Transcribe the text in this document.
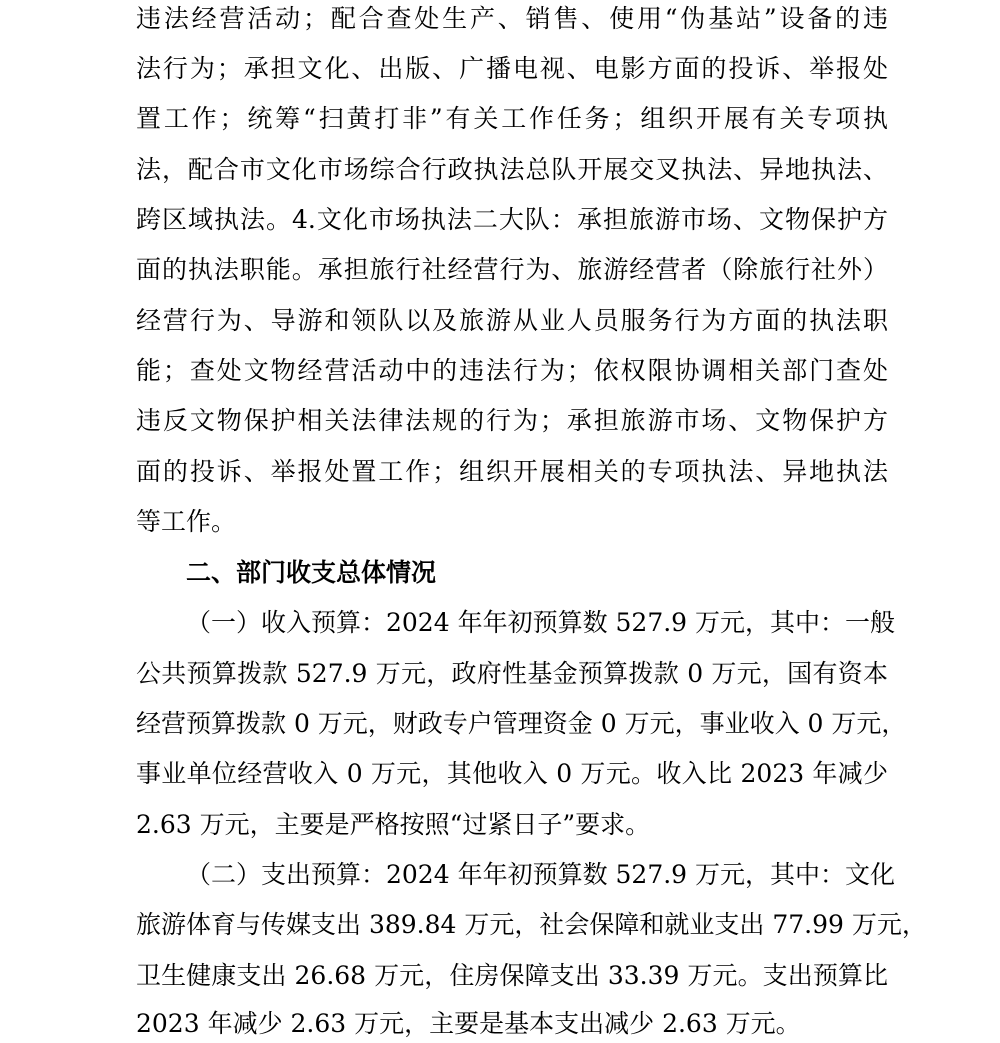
违法经营活动；配合查处生产、销售、使用“伪基站”设备的违
法行为；承担文化、出版、广播电视、电影方面的投诉、举报处
置工作；统筹“扫黄打非”有关工作任务；组织开展有关专项执
法，配合市文化市场综合行政执法总队开展交叉执法、异地执法、
跨区域执法。4.文化市场执法二大队：承担旅游市场、文物保护方
面的执法职能。承担旅行社经营行为、旅游经营者（除旅行社外）
经营行为、导游和领队以及旅游从业人员服务行为方面的执法职
能；查处文物经营活动中的违法行为；依权限协调相关部门查处
违反文物保护相关法律法规的行为；承担旅游市场、文物保护方
面的投诉、举报处置工作；组织开展相关的专项执法、异地执法
等工作。
二、部门收支总体情况
（一）收入预算：2024 年年初预算数 527.9 万元，其中：一般
公共预算拨款 527.9 万元，政府性基金预算拨款 0 万元，国有资本
经营预算拨款 0 万元，财政专户管理资金 0 万元，事业收入 0 万元，
事业单位经营收入 0 万元，其他收入 0 万元。收入比 2023 年减少
2.63 万元，主要是严格按照“过紧日子”要求。
（二）支出预算：2024 年年初预算数 527.9 万元，其中：文化
旅游体育与传媒支出 389.84 万元，社会保障和就业支出 77.99 万元，
卫生健康支出 26.68 万元，住房保障支出 33.39 万元。支出预算比
2023 年减少 2.63 万元，主要是基本支出减少 2.63 万元。
